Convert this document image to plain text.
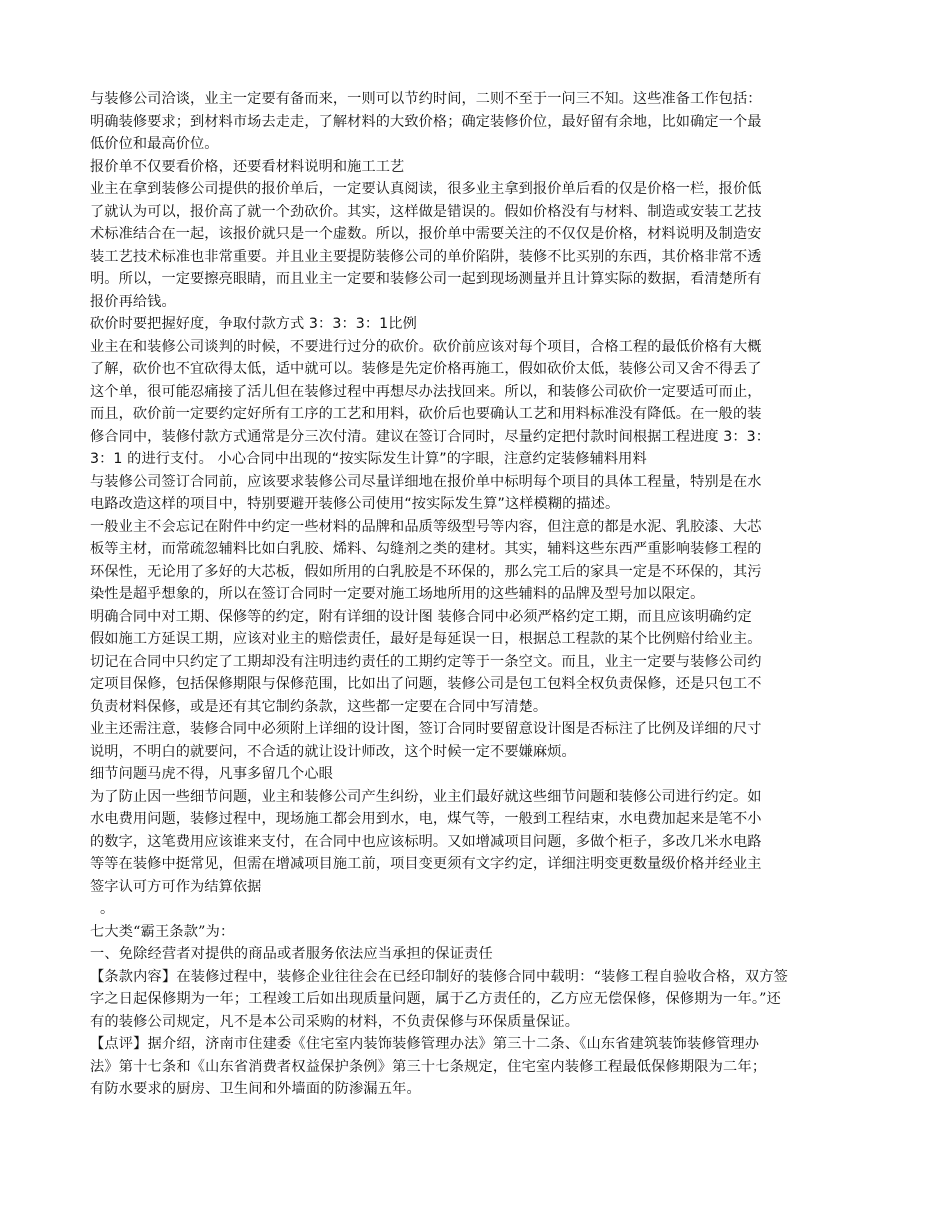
与装修公司洽谈，业主一定要有备而来，一则可以节约时间，二则不至于一问三不知。这些准备工作包括：
明确装修要求；到材料市场去走走，了解材料的大致价格；确定装修价位，最好留有余地，比如确定一个最
低价位和最高价位。
报价单不仅要看价格，还要看材料说明和施工工艺
业主在拿到装修公司提供的报价单后，一定要认真阅读，很多业主拿到报价单后看的仅是价格一栏，报价低
了就认为可以，报价高了就一个劲砍价。其实，这样做是错误的。假如价格没有与材料、制造或安装工艺技
术标准结合在一起，该报价就只是一个虚数。所以，报价单中需要关注的不仅仅是价格，材料说明及制造安
装工艺技术标准也非常重要。并且业主要提防装修公司的单价陷阱，装修不比买别的东西，其价格非常不透
明。所以，一定要擦亮眼睛，而且业主一定要和装修公司一起到现场测量并且计算实际的数据，看清楚所有
报价再给钱。
砍价时要把握好度，争取付款方式 3：3：3：1比例
业主在和装修公司谈判的时候，不要进行过分的砍价。砍价前应该对每个项目，合格工程的最低价格有大概
了解，砍价也不宜砍得太低，适中就可以。装修是先定价格再施工，假如砍价太低，装修公司又舍不得丢了
这个单，很可能忍痛接了活儿但在装修过程中再想尽办法找回来。所以，和装修公司砍价一定要适可而止，
而且，砍价前一定要约定好所有工序的工艺和用料，砍价后也要确认工艺和用料标准没有降低。在一般的装
修合同中，装修付款方式通常是分三次付清。建议在签订合同时，尽量约定把付款时间根据工程进度 3：3：
3：1 的进行支付。 小心合同中出现的“按实际发生计算”的字眼，注意约定装修辅料用料
与装修公司签订合同前，应该要求装修公司尽量详细地在报价单中标明每个项目的具体工程量，特别是在水
电路改造这样的项目中，特别要避开装修公司使用“按实际发生算”这样模糊的描述。
一般业主不会忘记在附件中约定一些材料的品牌和品质等级型号等内容，但注意的都是水泥、乳胶漆、大芯
板等主材，而常疏忽辅料比如白乳胶、烯料、勾缝剂之类的建材。其实，辅料这些东西严重影响装修工程的
环保性，无论用了多好的大芯板，假如所用的白乳胶是不环保的，那么完工后的家具一定是不环保的，其污
染性是超乎想象的，所以在签订合同时一定要对施工场地所用的这些辅料的品牌及型号加以限定。
明确合同中对工期、保修等的约定，附有详细的设计图 装修合同中必须严格约定工期，而且应该明确约定
假如施工方延误工期，应该对业主的赔偿责任，最好是每延误一日，根据总工程款的某个比例赔付给业主。
切记在合同中只约定了工期却没有注明违约责任的工期约定等于一条空文。而且，业主一定要与装修公司约
定项目保修，包括保修期限与保修范围，比如出了问题，装修公司是包工包料全权负责保修，还是只包工不
负责材料保修，或是还有其它制约条款，这些都一定要在合同中写清楚。
业主还需注意，装修合同中必须附上详细的设计图，签订合同时要留意设计图是否标注了比例及详细的尺寸
说明，不明白的就要问，不合适的就让设计师改，这个时候一定不要嫌麻烦。
细节问题马虎不得，凡事多留几个心眼
为了防止因一些细节问题，业主和装修公司产生纠纷，业主们最好就这些细节问题和装修公司进行约定。如
水电费用问题，装修过程中，现场施工都会用到水，电，煤气等，一般到工程结束，水电费加起来是笔不小
的数字，这笔费用应该谁来支付，在合同中也应该标明。又如增减项目问题，多做个柜子，多改几米水电路
等等在装修中挺常见，但需在增减项目施工前，项目变更须有文字约定，详细注明变更数量级价格并经业主
签字认可方可作为结算依据
。
七大类“霸王条款”为：
一、免除经营者对提供的商品或者服务依法应当承担的保证责任
【条款内容】在装修过程中，装修企业往往会在已经印制好的装修合同中载明：“装修工程自验收合格，双方签
字之日起保修期为一年；工程竣工后如出现质量问题，属于乙方责任的，乙方应无偿保修，保修期为一年。”还
有的装修公司规定，凡不是本公司采购的材料，不负责保修与环保质量保证。
【点评】据介绍，济南市住建委《住宅室内装饰装修管理办法》第三十二条、《山东省建筑装饰装修管理办
法》第十七条和《山东省消费者权益保护条例》第三十七条规定，住宅室内装修工程最低保修期限为二年；
有防水要求的厨房、卫生间和外墙面的防渗漏五年。
